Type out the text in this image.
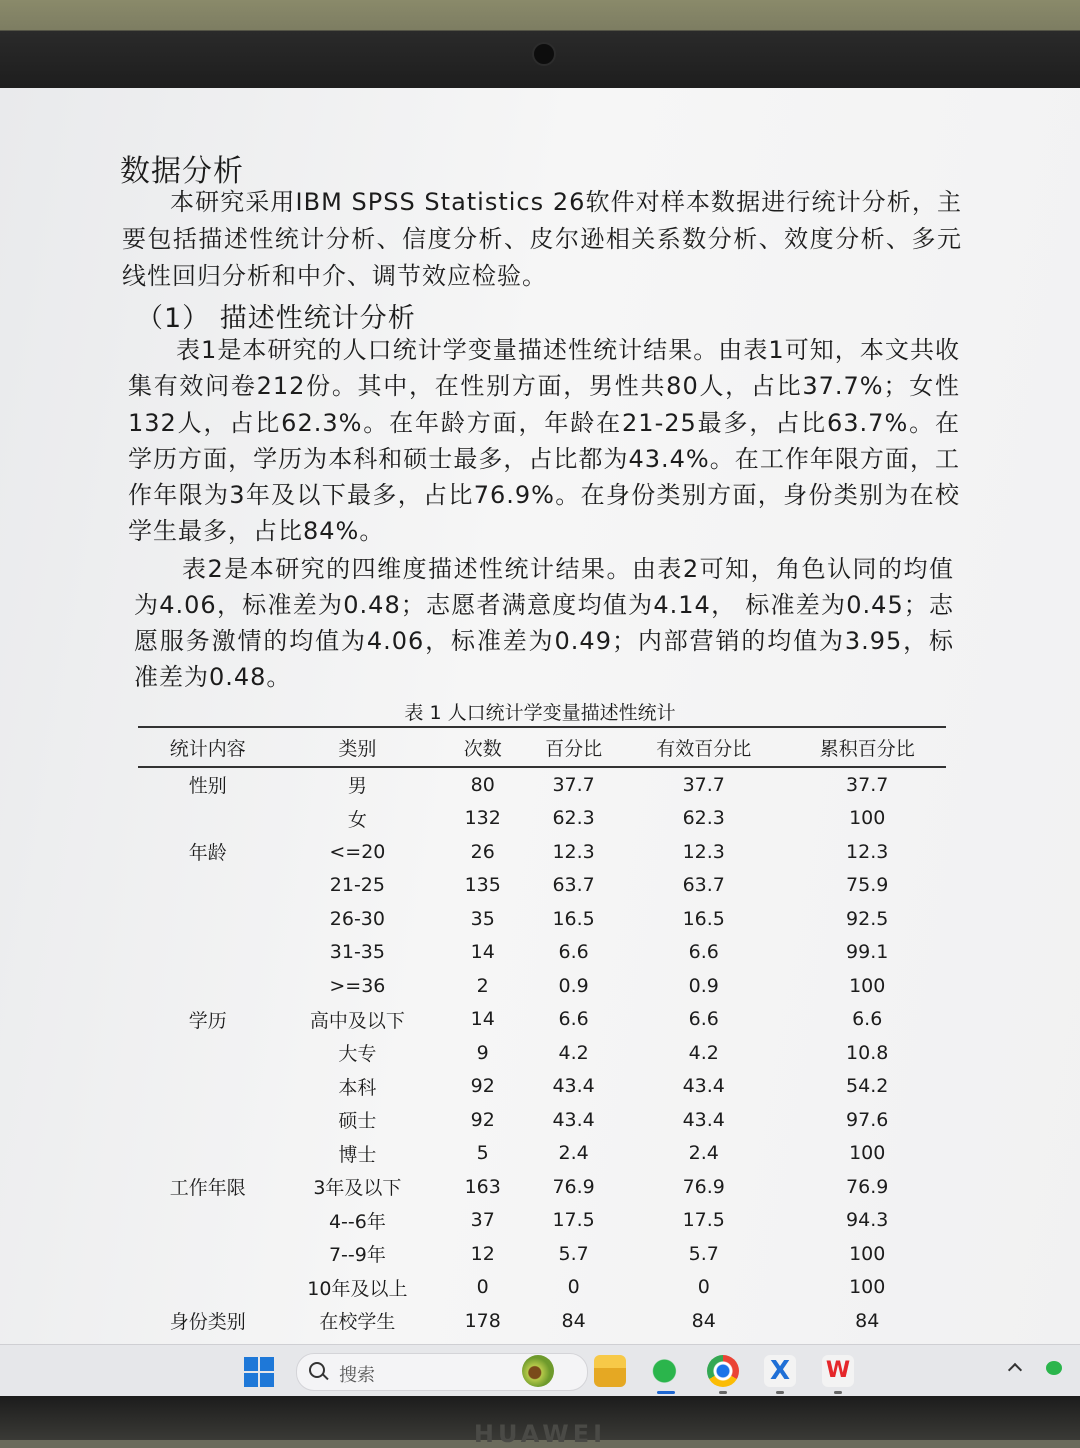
数据分析
本研究采用IBM SPSS Statistics 26软件对样本数据进行统计分析，主要包括描述性统计分析、信度分析、皮尔逊相关系数分析、效度分析、多元线性回归分析和中介、调节效应检验。
（1） 描述性统计分析
表1是本研究的人口统计学变量描述性统计结果。由表1可知，本文共收集有效问卷212份。其中，在性别方面，男性共80人，占比37.7%；女性132人，占比62.3%。在年龄方面，年龄在21-25最多，占比63.7%。在学历方面，学历为本科和硕士最多，占比都为43.4%。在工作年限方面，工作年限为3年及以下最多，占比76.9%。在身份类别方面，身份类别为在校学生最多，占比84%。
表2是本研究的四维度描述性统计结果。由表2可知，角色认同的均值为4.06，标准差为0.48；志愿者满意度均值为4.14， 标准差为0.45；志愿服务激情的均值为4.06，标准差为0.49；内部营销的均值为3.95，标准差为0.48。
表 1 人口统计学变量描述性统计
统计内容	类别	次数	百分比	有效百分比	累积百分比
性别	男	80	37.7	37.7	37.7
	女	132	62.3	62.3	100
年龄	<=20	26	12.3	12.3	12.3
	21-25	135	63.7	63.7	75.9
	26-30	35	16.5	16.5	92.5
	31-35	14	6.6	6.6	99.1
	>=36	2	0.9	0.9	100
学历	高中及以下	14	6.6	6.6	6.6
	大专	9	4.2	4.2	10.8
	本科	92	43.4	43.4	54.2
	硕士	92	43.4	43.4	97.6
	博士	5	2.4	2.4	100
工作年限	3年及以下	163	76.9	76.9	76.9
	4--6年	37	17.5	17.5	94.3
	7--9年	12	5.7	5.7	100
	10年及以上	0	0	0	100
身份类别	在校学生	178	84	84	84
搜索	X W
HUAWEI
